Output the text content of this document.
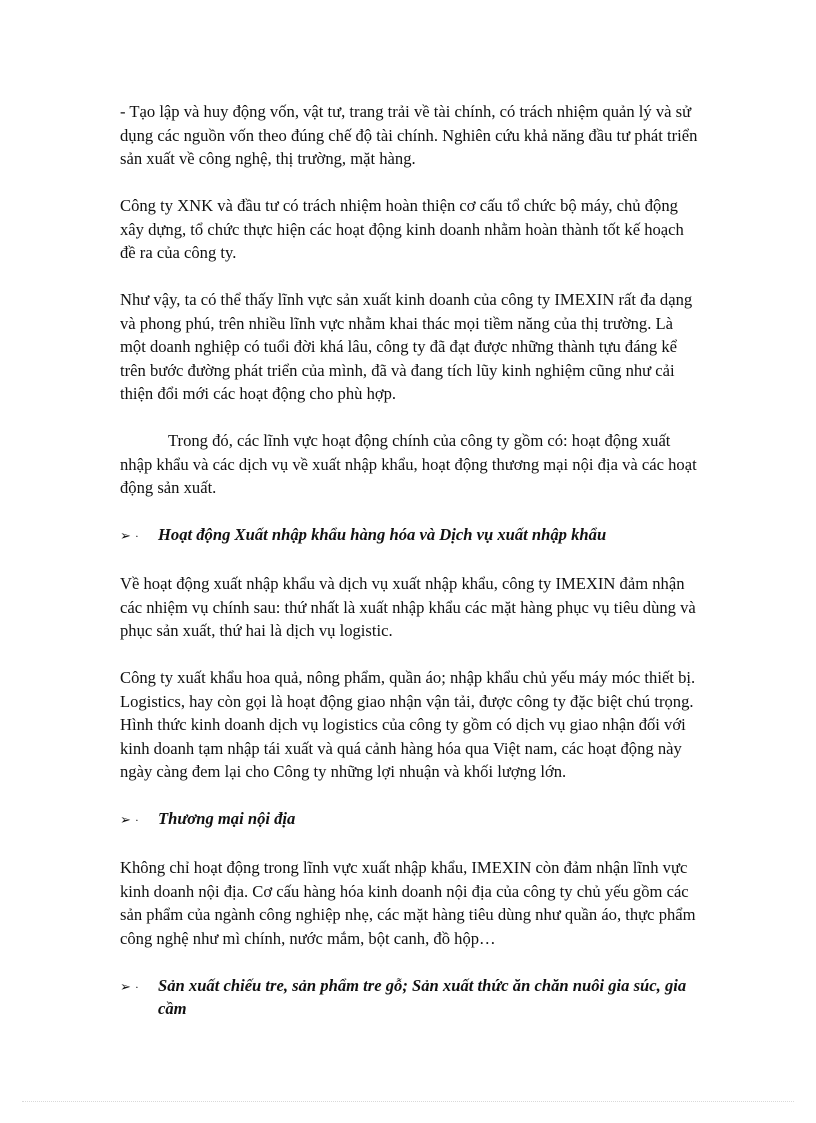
- Tạo lập và huy động vốn, vật tư, trang trải về tài chính, có trách nhiệm quản lý và sử dụng các nguồn vốn theo đúng chế độ tài chính. Nghiên cứu khả năng đầu tư phát triển sản xuất về công nghệ, thị trường, mặt hàng.

Công ty XNK và đầu tư có trách nhiệm hoàn thiện cơ cấu tổ chức bộ máy, chủ động xây dựng, tổ chức thực hiện các hoạt động kinh doanh nhằm hoàn thành tốt kế hoạch đề ra của công ty.

Như vậy, ta có thể thấy lĩnh vực sản xuất kinh doanh của công ty IMEXIN rất đa dạng và phong phú, trên nhiều lĩnh vực nhằm khai thác mọi tiềm năng của thị trường. Là một doanh nghiệp có tuổi đời khá lâu, công ty đã đạt được những thành tựu đáng kể trên bước đường phát triển của mình, đã và đang tích lũy kinh nghiệm cũng như cải thiện đổi mới các hoạt động cho phù hợp.

Trong đó, các lĩnh vực hoạt động chính của công ty gồm có: hoạt động xuất nhập khẩu và các dịch vụ về xuất nhập khẩu, hoạt động thương mại nội địa và các hoạt động sản xuất.

➢ ·	Hoạt động Xuất nhập khẩu hàng hóa và Dịch vụ xuất nhập khẩu

Về hoạt động xuất nhập khẩu và dịch vụ xuất nhập khẩu, công ty IMEXIN đảm nhận các nhiệm vụ chính sau: thứ nhất là xuất nhập khẩu các mặt hàng phục vụ tiêu dùng và phục sản xuất, thứ hai là dịch vụ logistic.

Công ty xuất khẩu hoa quả, nông phẩm, quần áo; nhập khẩu chủ yếu máy móc thiết bị. Logistics, hay còn gọi là hoạt động giao nhận vận tải, được công ty đặc biệt chú trọng. Hình thức kinh doanh dịch vụ logistics của công ty gồm có dịch vụ giao nhận đối với kinh doanh tạm nhập tái xuất và quá cảnh hàng hóa qua Việt nam, các hoạt động này ngày càng đem lại cho Công ty những lợi nhuận và khối lượng lớn.

➢ ·	Thương mại nội địa

Không chỉ hoạt động trong lĩnh vực xuất nhập khẩu, IMEXIN còn đảm nhận lĩnh vực kinh doanh nội địa. Cơ cấu hàng hóa kinh doanh nội địa của công ty chủ yếu gồm các sản phẩm của ngành công nghiệp nhẹ, các mặt hàng tiêu dùng như quần áo, thực phẩm công nghệ như mì chính, nước mắm, bột canh, đồ hộp…

➢ ·	Sản xuất chiếu tre, sản phẩm tre gỗ; Sản xuất thức ăn chăn nuôi gia súc, gia cầm
